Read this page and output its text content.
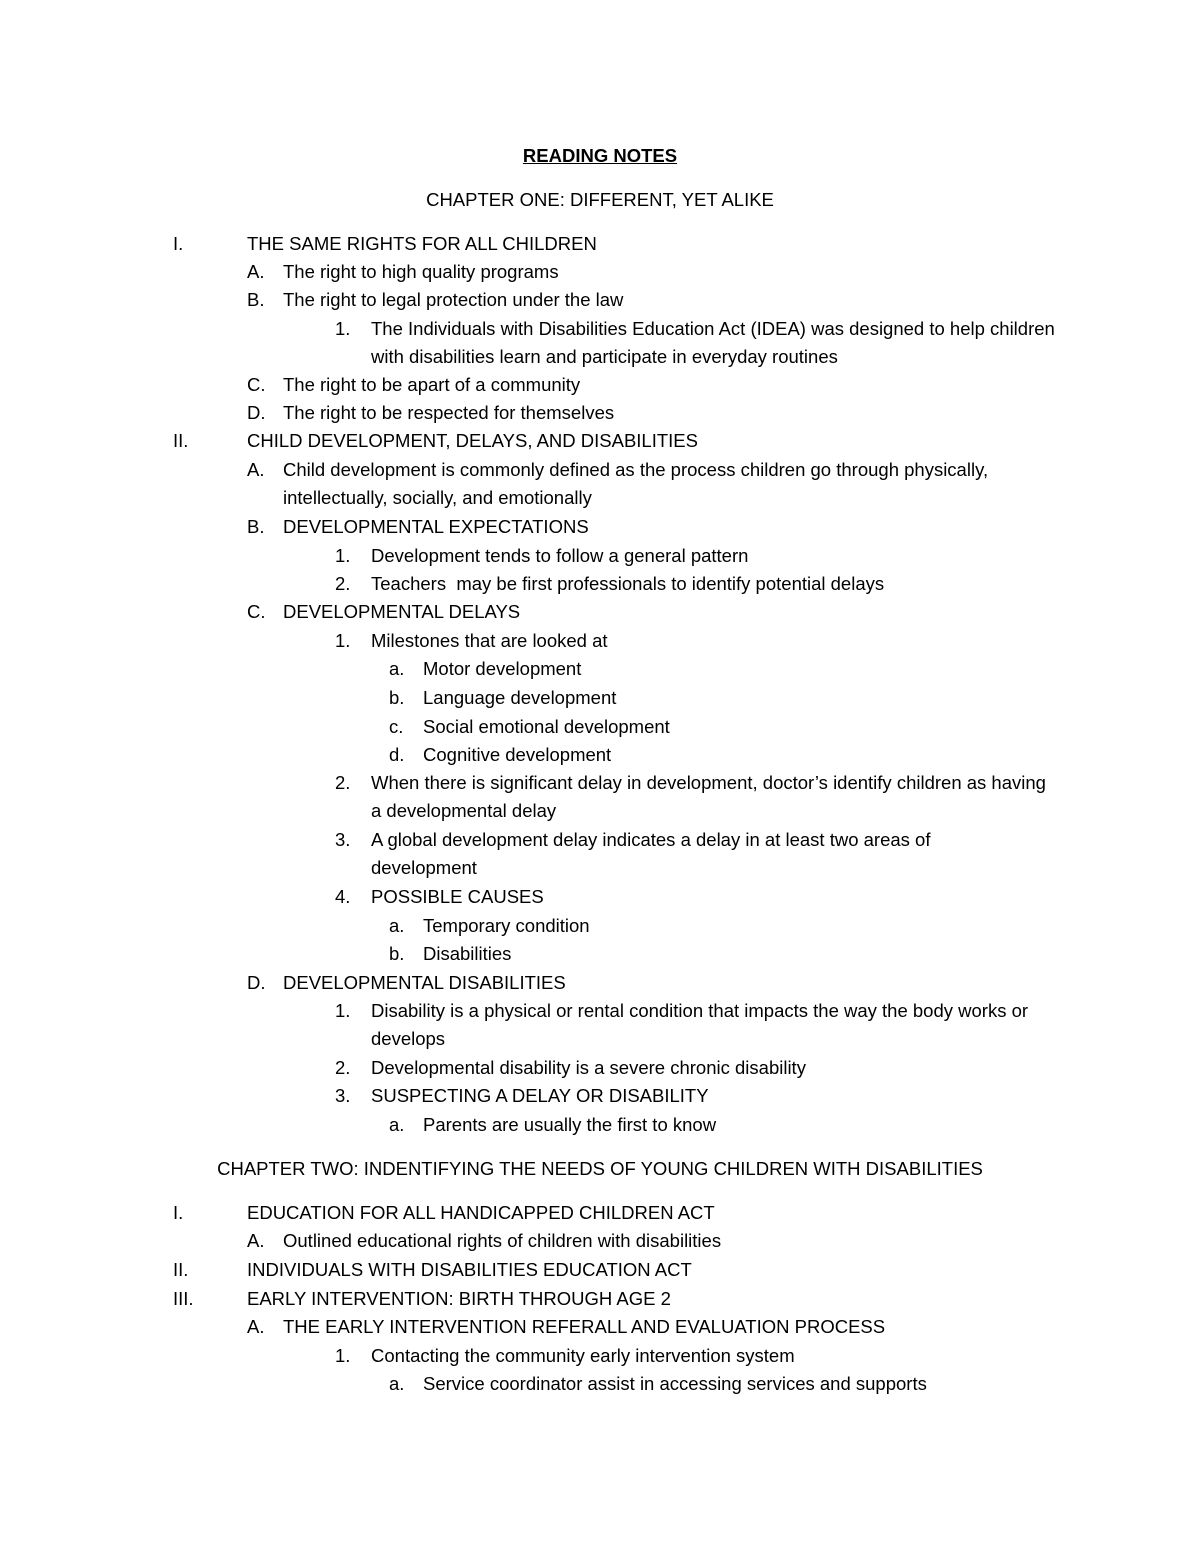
READING NOTES
CHAPTER ONE: DIFFERENT, YET ALIKE
I.	THE SAME RIGHTS FOR ALL CHILDREN
A. The right to high quality programs
B. The right to legal protection under the law
1. The Individuals with Disabilities Education Act (IDEA) was designed to help children with disabilities learn and participate in everyday routines
C. The right to be apart of a community
D. The right to be respected for themselves
II.	CHILD DEVELOPMENT, DELAYS, AND DISABILITIES
A. Child development is commonly defined as the process children go through physically, intellectually, socially, and emotionally
B. DEVELOPMENTAL EXPECTATIONS
1. Development tends to follow a general pattern
2. Teachers  may be first professionals to identify potential delays
C. DEVELOPMENTAL DELAYS
1. Milestones that are looked at
a. Motor development
b. Language development
c. Social emotional development
d. Cognitive development
2. When there is significant delay in development, doctor’s identify children as having a developmental delay
3. A global development delay indicates a delay in at least two areas of development
4. POSSIBLE CAUSES
a. Temporary condition
b. Disabilities
D. DEVELOPMENTAL DISABILITIES
1. Disability is a physical or rental condition that impacts the way the body works or develops
2. Developmental disability is a severe chronic disability
3. SUSPECTING A DELAY OR DISABILITY
a. Parents are usually the first to know
CHAPTER TWO: INDENTIFYING THE NEEDS OF YOUNG CHILDREN WITH DISABILITIES
I.	EDUCATION FOR ALL HANDICAPPED CHILDREN ACT
A. Outlined educational rights of children with disabilities
II.	INDIVIDUALS WITH DISABILITIES EDUCATION ACT
III.	EARLY INTERVENTION: BIRTH THROUGH AGE 2
A. THE EARLY INTERVENTION REFERALL AND EVALUATION PROCESS
1. Contacting the community early intervention system
a. Service coordinator assist in accessing services and supports
